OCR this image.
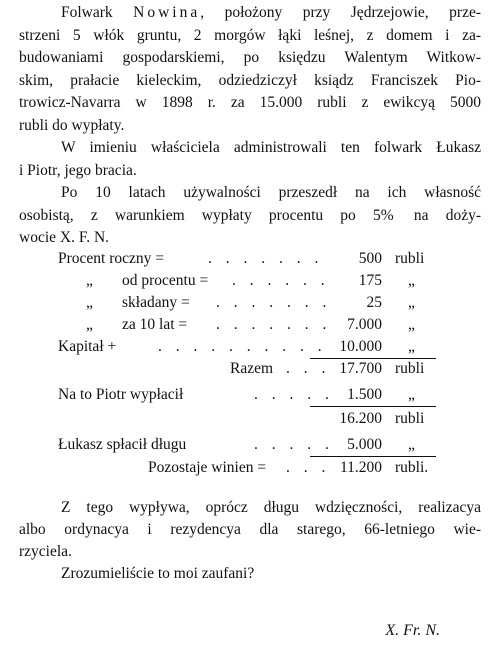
Folwark Nowina, położony przy Jędrzejowie, prze-
strzeni 5 włók gruntu, 2 morgów łąki leśnej, z domem i za-
budowaniami gospodarskiemi, po księdzu Walentym Witkow-
skim, prałacie kieleckim, odziedziczył ksiądz Franciszek Pio-
trowicz-Navarra w 1898 r. za 15.000 rubli z ewikcyą 5000
rubli do wypłaty.
W imieniu właściciela administrowali ten folwark Łukasz
i Piotr, jego bracia.
Po 10 latach używalności przeszedł na ich własność
osobistą, z warunkiem wypłaty procentu po 5%  na doży-
wocie X. F. N.
Procent roczny =	. . . . . . . 500 rubli
„ od procentu = . . . . . . 175 „
„ składany = . . . . . . . 25 „
„ za 10 lat = . . . . . . . 7.000 „
Kapitał +	. . . . . . . . . . 10.000 „
Razem . . . 17.700 rubli
Na to Piotr wypłacił	. . . . . 1.500 „
16.200 rubli
Łukasz spłacił długu	. . . . . 5.000 „
Pozostaje winien = . . . 11.200 rubli.
Z tego wypływa, oprócz długu wdzięczności, realizacya
albo ordynacya i rezydencya dla starego, 66-letniego wie-
rzyciela.
Zrozumieliście to moi zaufani?
X. Fr. N.
